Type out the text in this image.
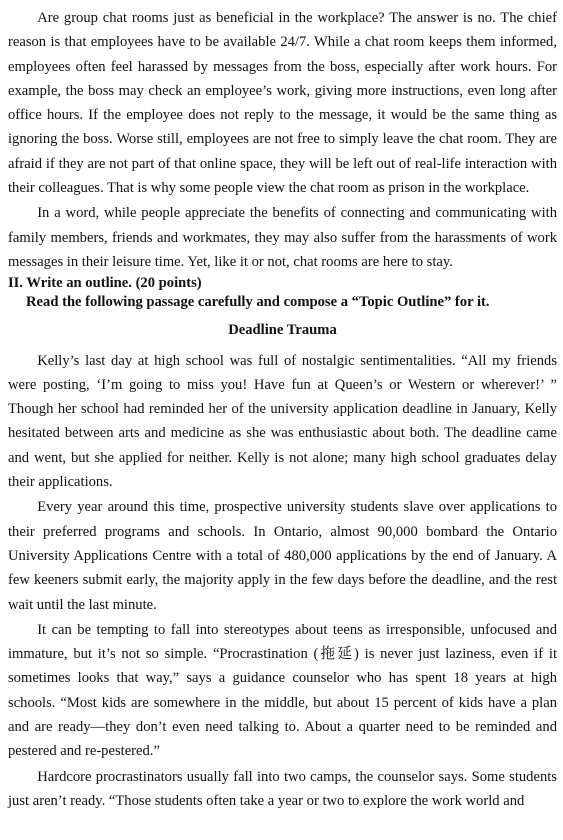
Are group chat rooms just as beneficial in the workplace? The answer is no. The chief reason is that employees have to be available 24/7. While a chat room keeps them informed, employees often feel harassed by messages from the boss, especially after work hours. For example, the boss may check an employee’s work, giving more instructions, even long after office hours. If the employee does not reply to the message, it would be the same thing as ignoring the boss. Worse still, employees are not free to simply leave the chat room. They are afraid if they are not part of that online space, they will be left out of real-life interaction with their colleagues. That is why some people view the chat room as prison in the workplace.

In a word, while people appreciate the benefits of connecting and communicating with family members, friends and workmates, they may also suffer from the harassments of work messages in their leisure time. Yet, like it or not, chat rooms are here to stay.

II. Write an outline. (20 points)

Read the following passage carefully and compose a “Topic Outline” for it.

Deadline Trauma

Kelly’s last day at high school was full of nostalgic sentimentalities. “All my friends were posting, ‘I’m going to miss you! Have fun at Queen’s or Western or wherever!’ ” Though her school had reminded her of the university application deadline in January, Kelly hesitated between arts and medicine as she was enthusiastic about both. The deadline came and went, but she applied for neither. Kelly is not alone; many high school graduates delay their applications.

Every year around this time, prospective university students slave over applications to their preferred programs and schools. In Ontario, almost 90,000 bombard the Ontario University Applications Centre with a total of 480,000 applications by the end of January. A few keeners submit early, the majority apply in the few days before the deadline, and the rest wait until the last minute.

It can be tempting to fall into stereotypes about teens as irresponsible, unfocused and immature, but it’s not so simple. “Procrastination (拖延) is never just laziness, even if it sometimes looks that way,” says a guidance counselor who has spent 18 years at high schools. “Most kids are somewhere in the middle, but about 15 percent of kids have a plan and are ready—they don’t even need talking to. About a quarter need to be reminded and pestered and re-pestered.”

Hardcore procrastinators usually fall into two camps, the counselor says. Some students just aren’t ready. “Those students often take a year or two to explore the work world and
